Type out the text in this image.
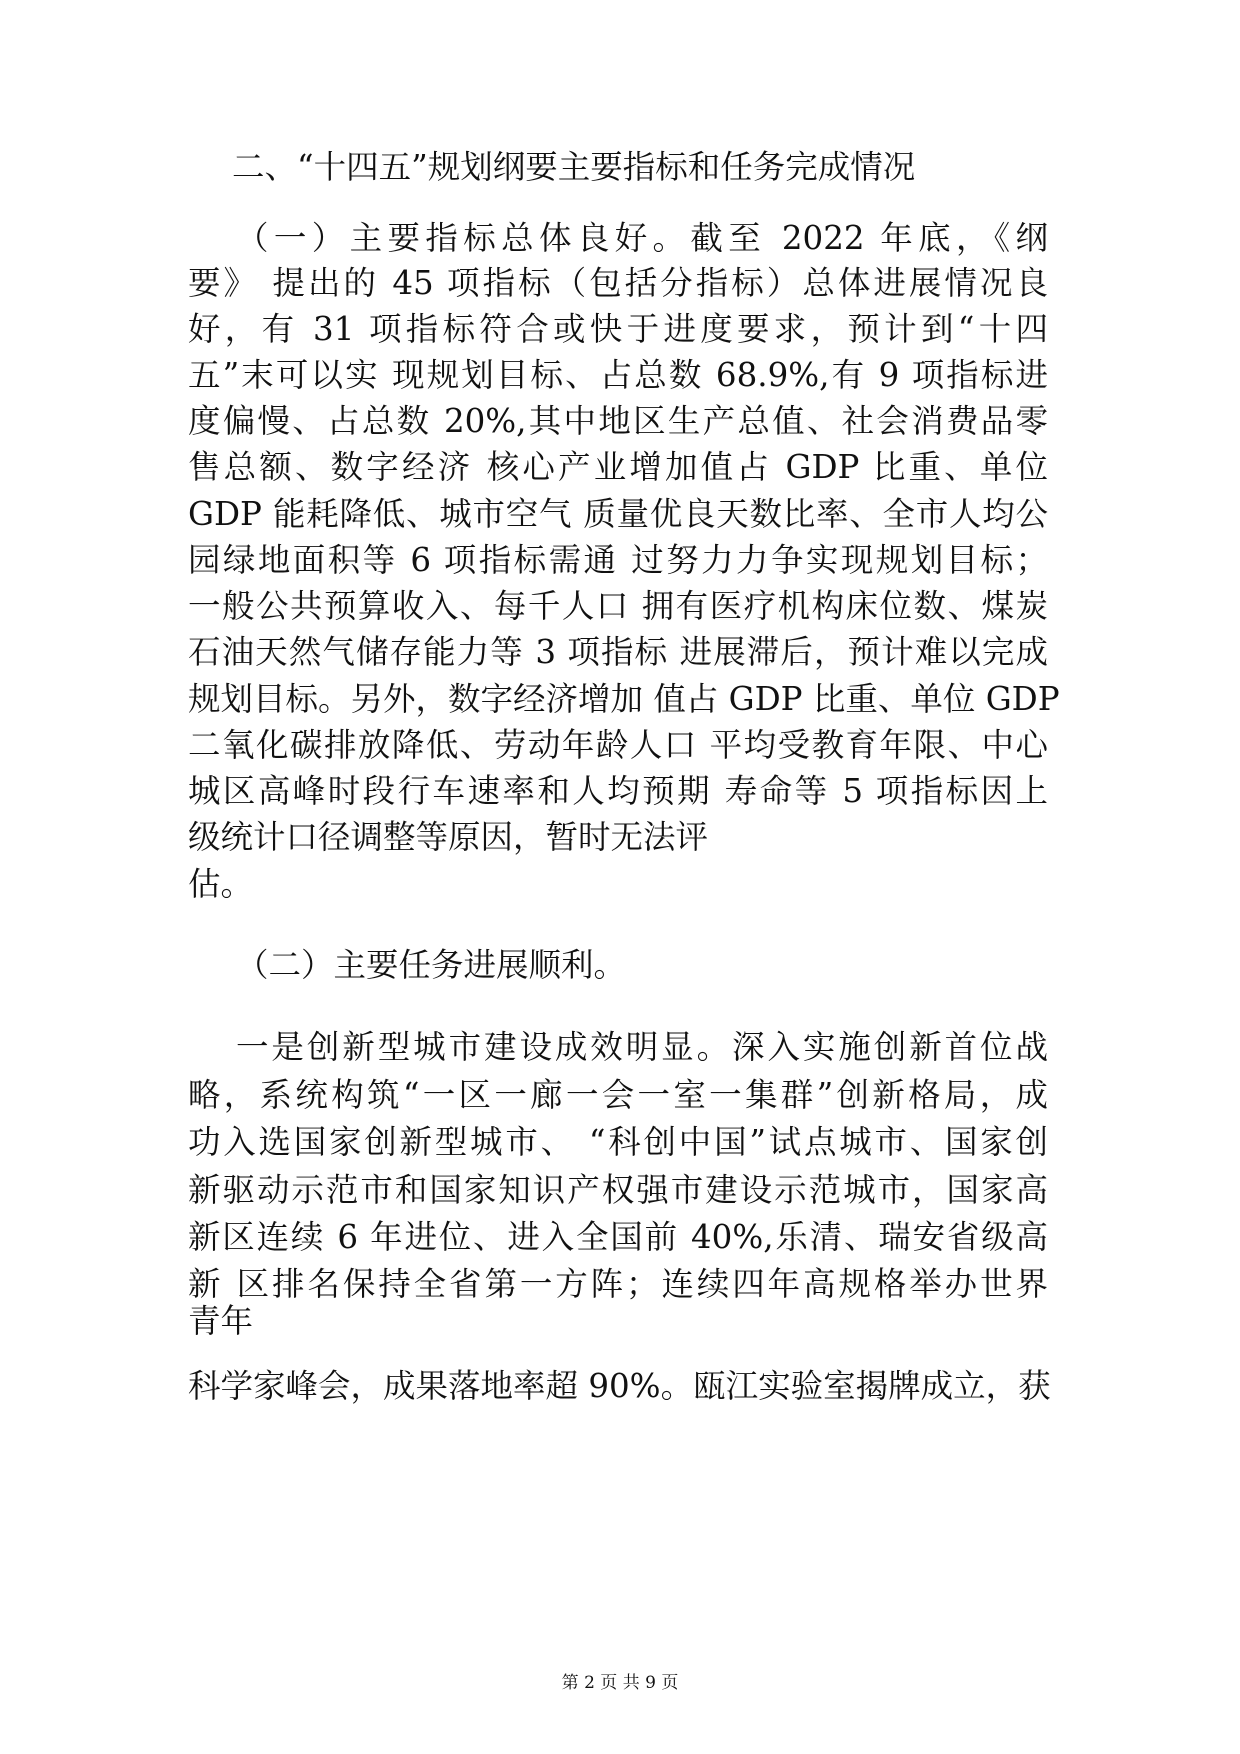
二、“十四五”规划纲要主要指标和任务完成情况
（一）主要指标总体良好。截至 2022 年底，《纲
要》 提出的 45 项指标（包括分指标）总体进展情况良
好，有 31 项指标符合或快于进度要求，预计到“十四
五”末可以实 现规划目标、占总数 68.9%,有 9 项指标进
度偏慢、占总数 20%,其中地区生产总值、社会消费品零
售总额、数字经济 核心产业增加值占 GDP 比重、单位
GDP 能耗降低、城市空气 质量优良天数比率、全市人均公
园绿地面积等 6 项指标需通 过努力力争实现规划目标；
一般公共预算收入、每千人口 拥有医疗机构床位数、煤炭
石油天然气储存能力等 3 项指标 进展滞后，预计难以完成
规划目标。另外，数字经济增加 值占 GDP 比重、单位 GDP
二氧化碳排放降低、劳动年龄人口 平均受教育年限、中心
城区高峰时段行车速率和人均预期 寿命等 5 项指标因上
级统计口径调整等原因，暂时无法评
估。
（二）主要任务进展顺利。
一是创新型城市建设成效明显。深入实施创新首位战
略，系统构筑“一区一廊一会一室一集群”创新格局，成
功入选国家创新型城市、 “科创中国”试点城市、国家创
新驱动示范市和国家知识产权强市建设示范城市，国家高
新区连续 6 年进位、进入全国前 40%,乐清、瑞安省级高
新 区排名保持全省第一方阵；连续四年高规格举办世界
青年
科学家峰会，成果落地率超 90%。瓯江实验室揭牌成立，获
第 2 页 共 9 页
